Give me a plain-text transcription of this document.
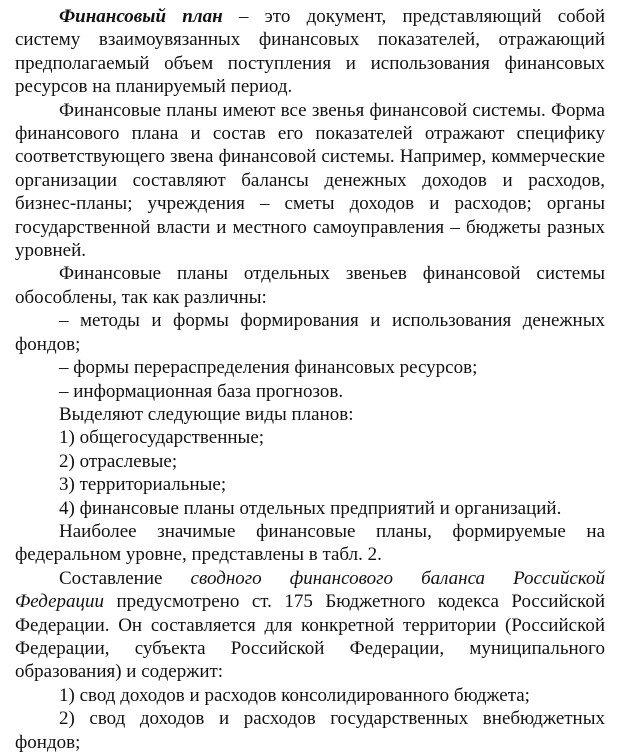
Финансовый план – это документ, представляющий собой систему взаимоувязанных финансовых показателей, отражающий предполагаемый объем поступления и использования финансовых ресурсов на планируемый период.

Финансовые планы имеют все звенья финансовой системы. Форма финансового плана и состав его показателей отражают специфику соответствующего звена финансовой системы. Например, коммерческие организации составляют балансы денежных доходов и расходов, бизнес-планы; учреждения – сметы доходов и расходов; органы государственной власти и местного самоуправления – бюджеты разных уровней.

Финансовые планы отдельных звеньев финансовой системы обособлены, так как различны:

– методы и формы формирования и использования денежных фондов;

– формы перераспределения финансовых ресурсов;

– информационная база прогнозов.

Выделяют следующие виды планов:

1) общегосударственные;

2) отраслевые;

3) территориальные;

4) финансовые планы отдельных предприятий и организаций.

Наиболее значимые финансовые планы, формируемые на федеральном уровне, представлены в табл. 2.

Составление сводного финансового баланса Российской Федерации предусмотрено ст. 175 Бюджетного кодекса Российской Федерации. Он составляется для конкретной территории (Российской Федерации, субъекта Российской Федерации, муниципального образования) и содержит:

1) свод доходов и расходов консолидированного бюджета;

2) свод доходов и расходов государственных внебюджетных фондов;
